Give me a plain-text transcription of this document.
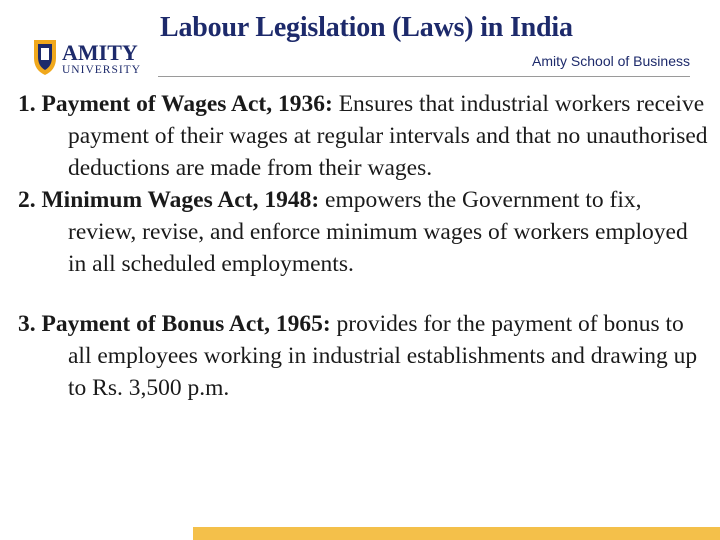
AMITY
UNIVERSITY
Labour Legislation (Laws) in India
Amity School of Business

1. Payment of Wages Act, 1936: Ensures that industrial workers receive payment of their wages at regular intervals and that no unauthorised deductions are made from their wages.

2. Minimum Wages Act, 1948: empowers the Government to fix, review, revise, and enforce minimum wages of workers employed in all scheduled employments.

3. Payment of Bonus Act, 1965: provides for the payment of bonus to all employees working in industrial establishments and drawing up to Rs. 3,500 p.m.
